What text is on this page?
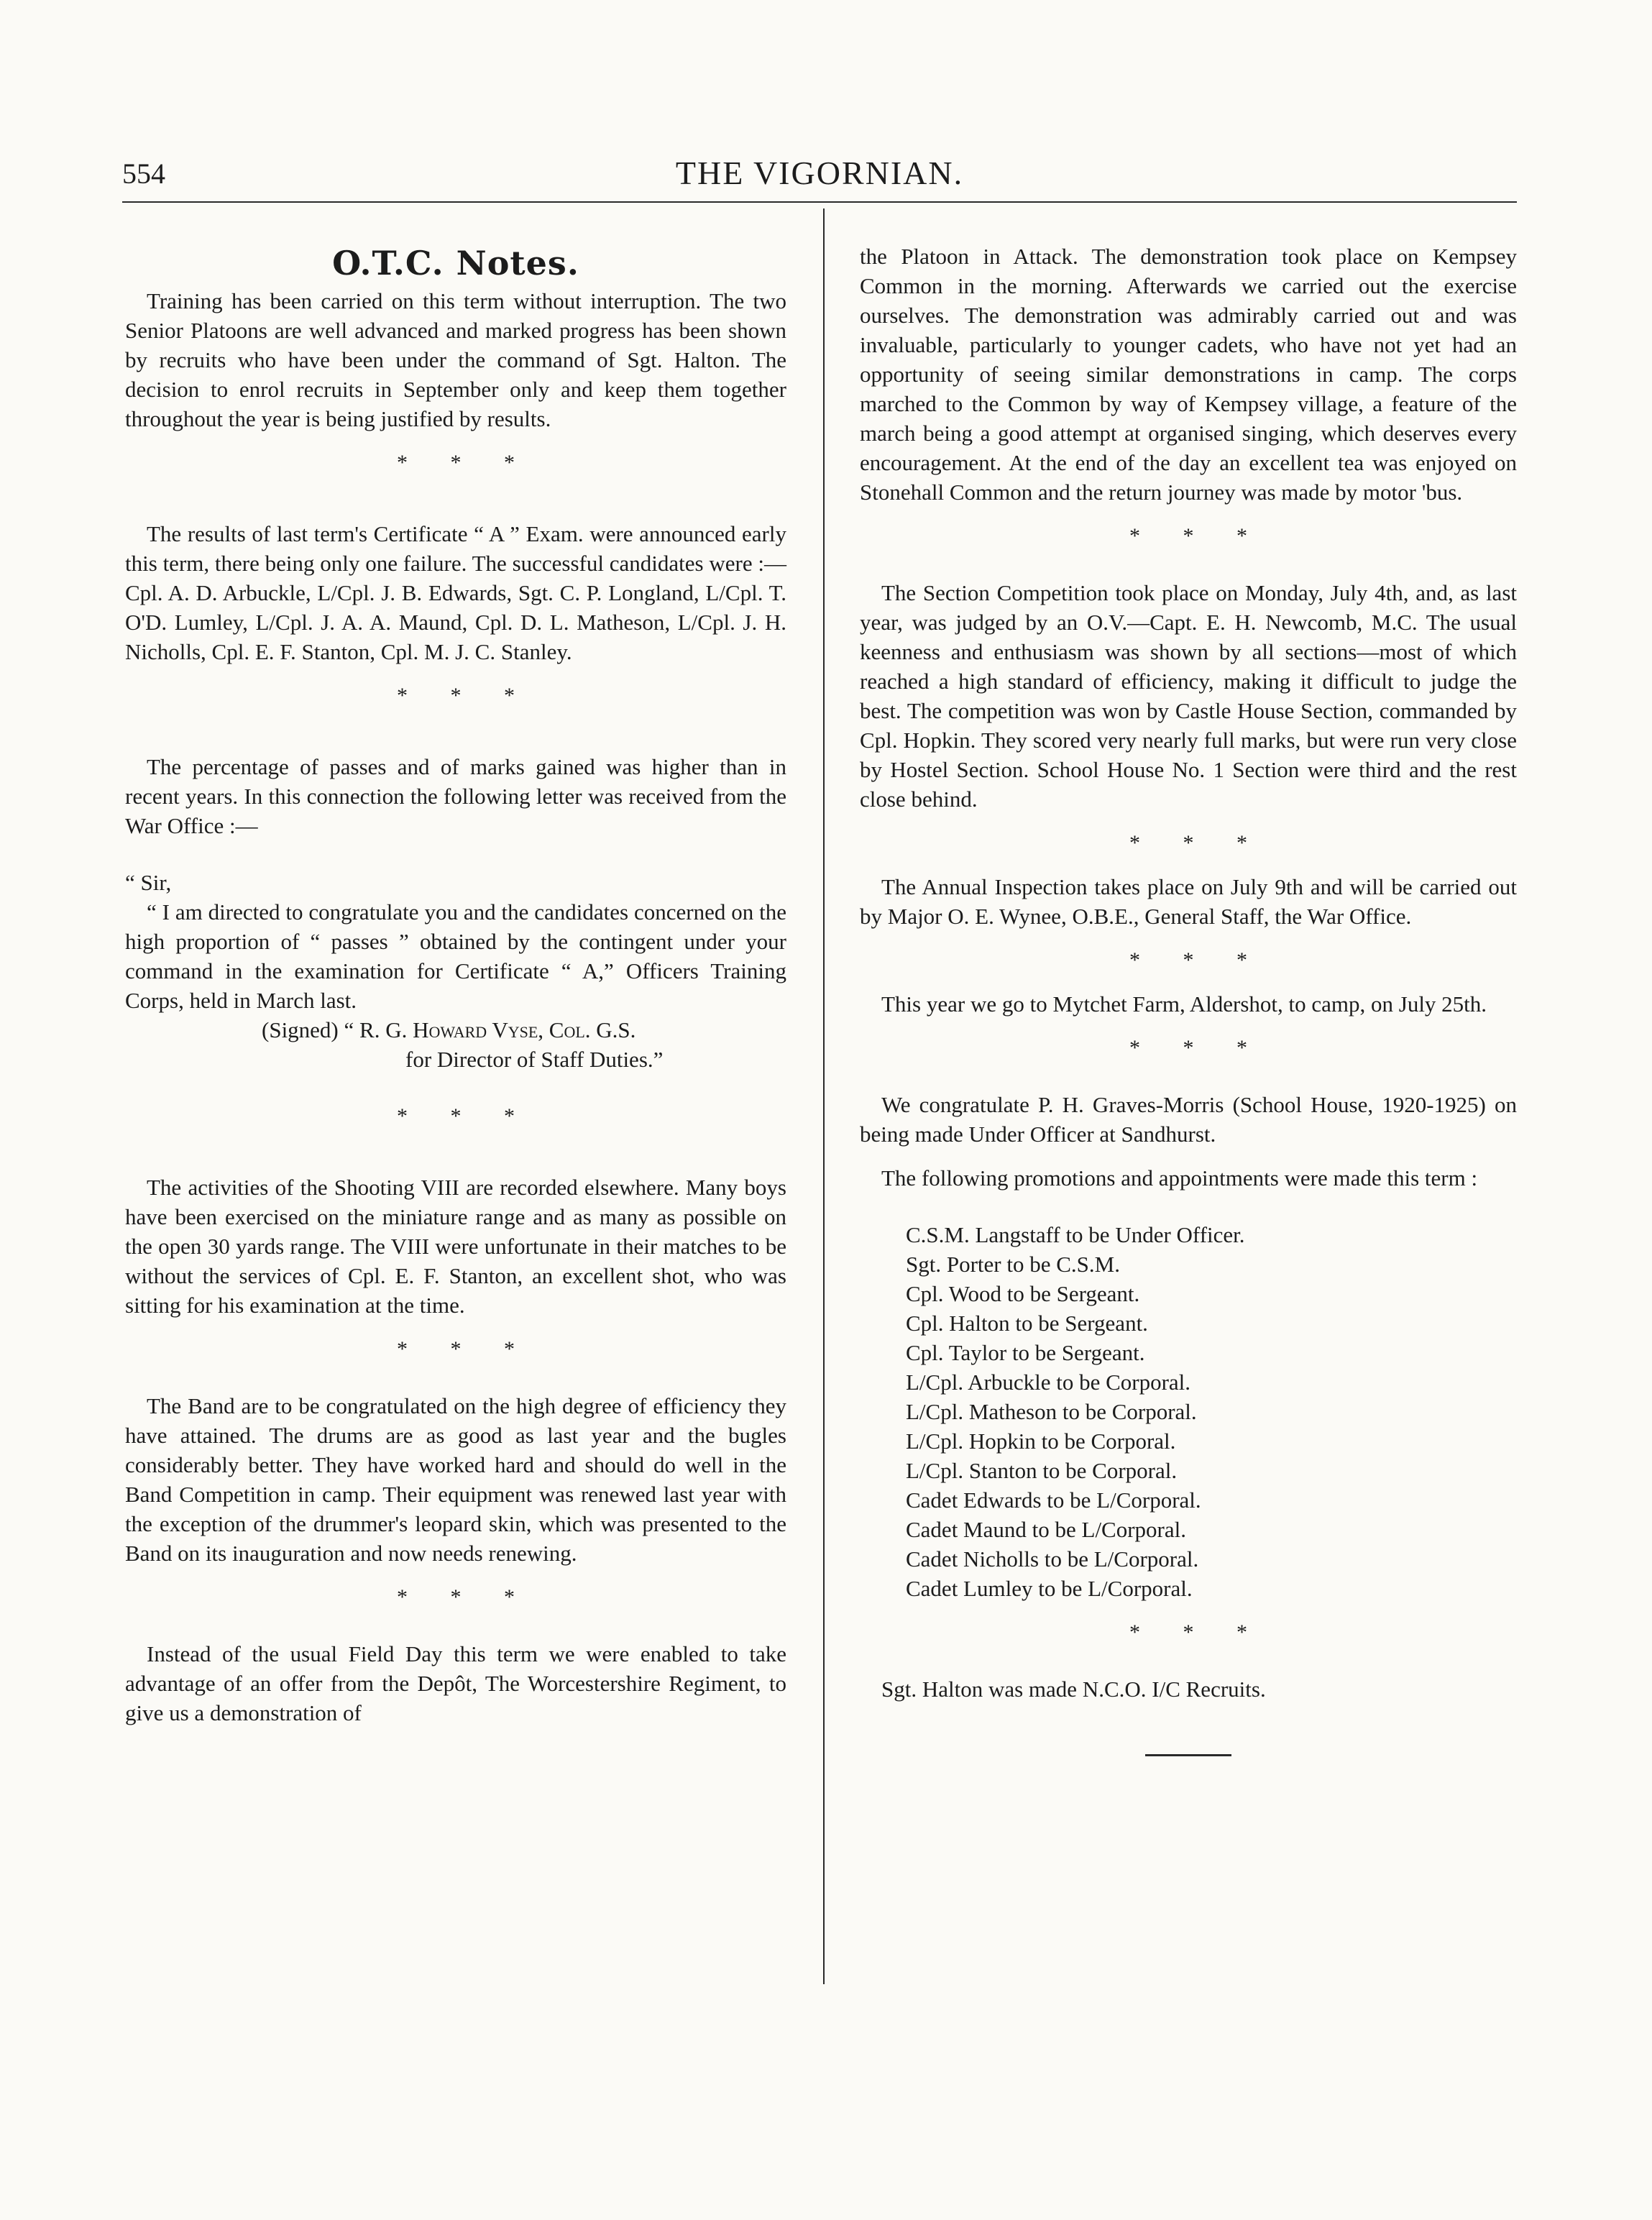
554	THE VIGORNIAN.
O.T.C. Notes.

Training has been carried on this term without interruption. The two Senior Platoons are well advanced and marked progress has been shown by recruits who have been under the command of Sgt. Halton. The decision to enrol recruits in September only and keep them together throughout the year is being justified by results.

* * *

The results of last term's Certificate “ A ” Exam. were announced early this term, there being only one failure. The successful candidates were :—Cpl. A. D. Arbuckle, L/Cpl. J. B. Edwards, Sgt. C. P. Longland, L/Cpl. T. O'D. Lumley, L/Cpl. J. A. A. Maund, Cpl. D. L. Matheson, L/Cpl. J. H. Nicholls, Cpl. E. F. Stanton, Cpl. M. J. C. Stanley.

* * *

The percentage of passes and of marks gained was higher than in recent years. In this connection the following letter was received from the War Office :—

“ Sir,

“ I am directed to congratulate you and the candidates concerned on the high proportion of “ passes ” obtained by the contingent under your command in the examination for Certificate “ A,” Officers Training Corps, held in March last.

(Signed) “ R. G. Howard Vyse, Col. G.S.
for Director of Staff Duties.”
* * *

The activities of the Shooting VIII are recorded elsewhere. Many boys have been exercised on the miniature range and as many as possible on the open 30 yards range. The VIII were unfortunate in their matches to be without the services of Cpl. E. F. Stanton, an excellent shot, who was sitting for his examination at the time.

* * *

The Band are to be congratulated on the high degree of efficiency they have attained. The drums are as good as last year and the bugles considerably better. They have worked hard and should do well in the Band Competition in camp. Their equipment was renewed last year with the exception of the drummer's leopard skin, which was presented to the Band on its inauguration and now needs renewing.

* * *

Instead of the usual Field Day this term we were enabled to take advantage of an offer from the Depôt, The Worcestershire Regiment, to give us a demonstration of

the Platoon in Attack. The demonstration took place on Kempsey Common in the morning. Afterwards we carried out the exercise ourselves. The demonstration was admirably carried out and was invaluable, particularly to younger cadets, who have not yet had an opportunity of seeing similar demonstrations in camp. The corps marched to the Common by way of Kempsey village, a feature of the march being a good attempt at organised singing, which deserves every encouragement. At the end of the day an excellent tea was enjoyed on Stonehall Common and the return journey was made by motor 'bus.

* * *

The Section Competition took place on Monday, July 4th, and, as last year, was judged by an O.V.—Capt. E. H. Newcomb, M.C. The usual keenness and enthusiasm was shown by all sections—most of which reached a high standard of efficiency, making it difficult to judge the best. The competition was won by Castle House Section, commanded by Cpl. Hopkin. They scored very nearly full marks, but were run very close by Hostel Section. School House No. 1 Section were third and the rest close behind.

* * *

The Annual Inspection takes place on July 9th and will be carried out by Major O. E. Wynee, O.B.E., General Staff, the War Office.

* * *

This year we go to Mytchet Farm, Aldershot, to camp, on July 25th.

* * *

We congratulate P. H. Graves-Morris (School House, 1920-1925) on being made Under Officer at Sandhurst.

The following promotions and appointments were made this term :

C.S.M. Langstaff to be Under Officer.
Sgt. Porter to be C.S.M.
Cpl. Wood to be Sergeant.
Cpl. Halton to be Sergeant.
Cpl. Taylor to be Sergeant.
L/Cpl. Arbuckle to be Corporal.
L/Cpl. Matheson to be Corporal.
L/Cpl. Hopkin to be Corporal.
L/Cpl. Stanton to be Corporal.
Cadet Edwards to be L/Corporal.
Cadet Maund to be L/Corporal.
Cadet Nicholls to be L/Corporal.
Cadet Lumley to be L/Corporal.
* * *

Sgt. Halton was made N.C.O. I/C Recruits.
